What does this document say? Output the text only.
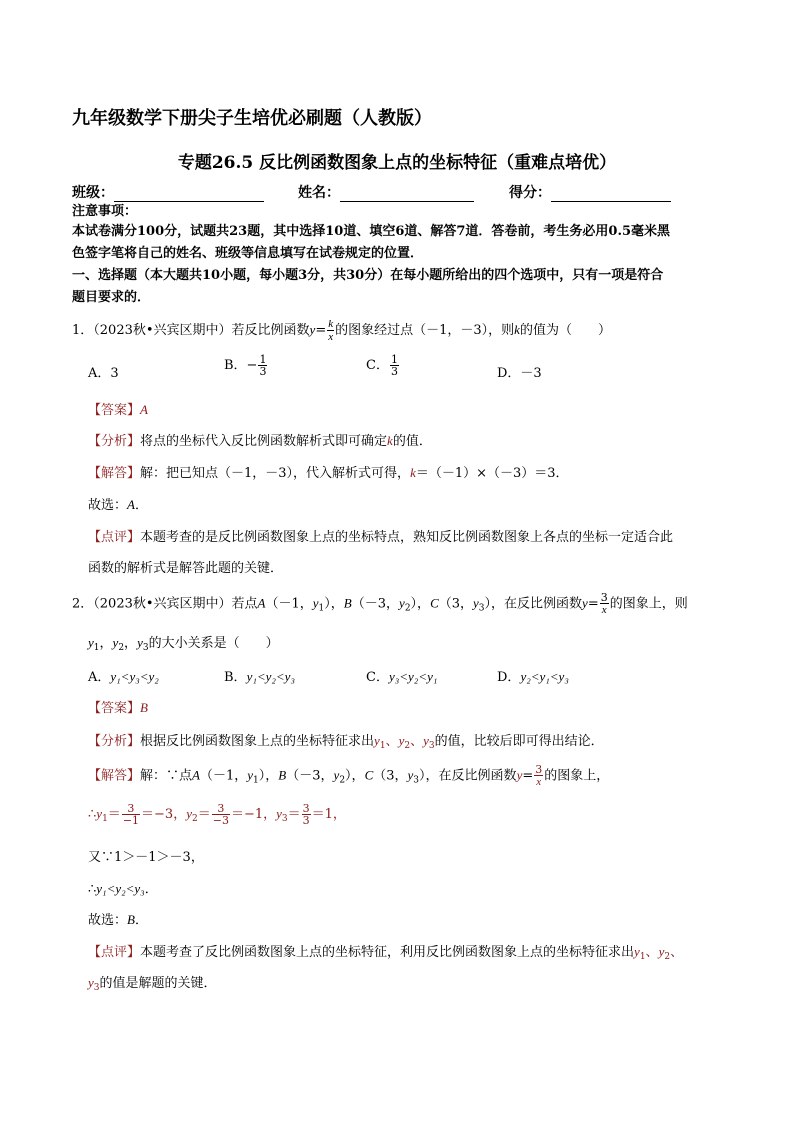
九年级数学下册尖子生培优必刷题（人教版）
专题26.5 反比例函数图象上点的坐标特征（重难点培优）
班级：	姓名：	得分：
注意事项：
本试卷满分100分，试题共23题，其中选择10道、填空6道、解答7道．答卷前，考生务必用0.5毫米黑
色签字笔将自己的姓名、班级等信息填写在试卷规定的位置．
一、选择题（本大题共10小题，每小题3分，共30分）在每小题所给出的四个选项中，只有一项是符合
题目要求的．
1．（2023秋•兴宾区期中）若反比例函数$y= \frac{k}{x}$ 的图象经过点（－1，－3），则k的值为（　　）
A．3
B．− $\frac{1}{3}$	C． $\frac{1}{3}$	D．－3
【答案】A
【分析】将点的坐标代入反比例函数解析式即可确定k的值．
【解答】解：把已知点（－1，－3），代入解析式可得，k＝（－1）×（－3）＝3．
故选：A．
【点评】本题考查的是反比例函数图象上点的坐标特点，熟知反比例函数图象上各点的坐标一定适合此
函数的解析式是解答此题的关键．
2．（2023秋•兴宾区期中）若点A（－1，$y_1$），B（－3，$y_2$），C（3，$y_3$），在反比例函数$y= \frac{3}{x}$ 的图象上，则
$y_1$，$y_2$，$y_3$的大小关系是（　　）
A．y₁<y₃<y₂	B．y₁<y₂<y₃	C．y₃<y₂<y₁	D．y₂<y₁<y₃
【答案】B
【分析】根据反比例函数图象上点的坐标特征求出$y_1$、$y_2$、$y_3$的值，比较后即可得出结论．
【解答】解：∵点A（－1，$y_1$），B（－3，$y_2$），C（3，$y_3$），在反比例函数$y= \frac{3}{x}$ 的图象上，
$\therefore y_1= \frac{3}{-1} =-3$，$y_2= \frac{3}{-3} =-1$，$y_3= \frac{3}{3} =1$，
又∵1＞－1＞－3，
∴y₁<y₂<y₃．
故选：B．
【点评】本题考查了反比例函数图象上点的坐标特征，利用反比例函数图象上点的坐标特征求出$y_1$、$y_2$、
$y_3$的值是解题的关键．
